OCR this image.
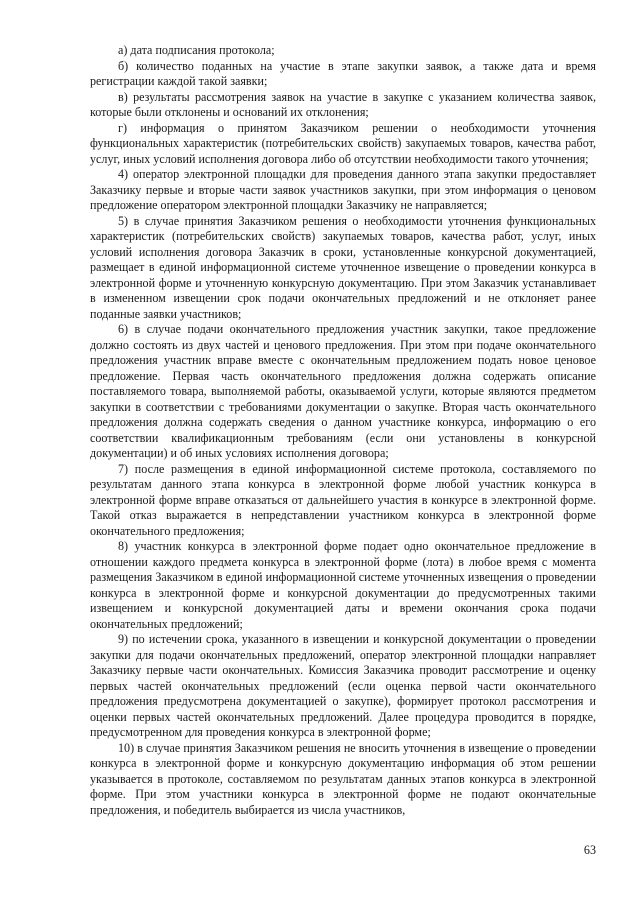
а) дата подписания протокола;

б) количество поданных на участие в этапе закупки заявок, а также дата и время регистрации каждой такой заявки;

в) результаты рассмотрения заявок на участие в закупке с указанием количества заявок, которые были отклонены и оснований их отклонения;

г) информация о принятом Заказчиком решении о необходимости уточнения функциональных характеристик (потребительских свойств) закупаемых товаров, качества работ, услуг, иных условий исполнения договора либо об отсутствии необходимости такого уточнения;

4) оператор электронной площадки для проведения данного этапа закупки предоставляет Заказчику первые и вторые части заявок участников закупки, при этом информация о ценовом предложение оператором электронной площадки Заказчику не направляется;

5) в случае принятия Заказчиком решения о необходимости уточнения функциональных характеристик (потребительских свойств) закупаемых товаров, качества работ, услуг, иных условий исполнения договора Заказчик в сроки, установленные конкурсной документацией, размещает в единой информационной системе уточненное извещение о проведении конкурса в электронной форме и уточненную конкурсную документацию. При этом Заказчик устанавливает в измененном извещении срок подачи окончательных предложений и не отклоняет ранее поданные заявки участников;

6) в случае подачи окончательного предложения участник закупки, такое предложение должно состоять из двух частей и ценового предложения. При этом при подаче окончательного предложения участник вправе вместе с окончательным предложением подать новое ценовое предложение. Первая часть окончательного предложения должна содержать описание поставляемого товара, выполняемой работы, оказываемой услуги, которые являются предметом закупки в соответствии с требованиями документации о закупке. Вторая часть окончательного предложения должна содержать сведения о данном участнике конкурса, информацию о его соответствии квалификационным требованиям (если они установлены в конкурсной документации) и об иных условиях исполнения договора;

7) после размещения в единой информационной системе протокола, составляемого по результатам данного этапа конкурса в электронной форме любой участник конкурса в электронной форме вправе отказаться от дальнейшего участия в конкурсе в электронной форме. Такой отказ выражается в непредставлении участником конкурса в электронной форме окончательного предложения;

8) участник конкурса в электронной форме подает одно окончательное предложение в отношении каждого предмета конкурса в электронной форме (лота) в любое время с момента размещения Заказчиком в единой информационной системе уточненных извещения о проведении конкурса в электронной форме и конкурсной документации до предусмотренных такими извещением и конкурсной документацией даты и времени окончания срока подачи окончательных предложений;

9) по истечении срока, указанного в извещении и конкурсной документации о проведении закупки для подачи окончательных предложений, оператор электронной площадки направляет Заказчику первые части окончательных. Комиссия Заказчика проводит рассмотрение и оценку первых частей окончательных предложений (если оценка первой части окончательного предложения предусмотрена документацией о закупке), формирует протокол рассмотрения и оценки первых частей окончательных предложений. Далее процедура проводится в порядке, предусмотренном для проведения конкурса в электронной форме;

10) в случае принятия Заказчиком решения не вносить уточнения в извещение о проведении конкурса в электронной форме и конкурсную документацию информация об этом решении указывается в протоколе, составляемом по результатам данных этапов конкурса в электронной форме. При этом участники конкурса в электронной форме не подают окончательные предложения, и победитель выбирается из числа участников,

63
